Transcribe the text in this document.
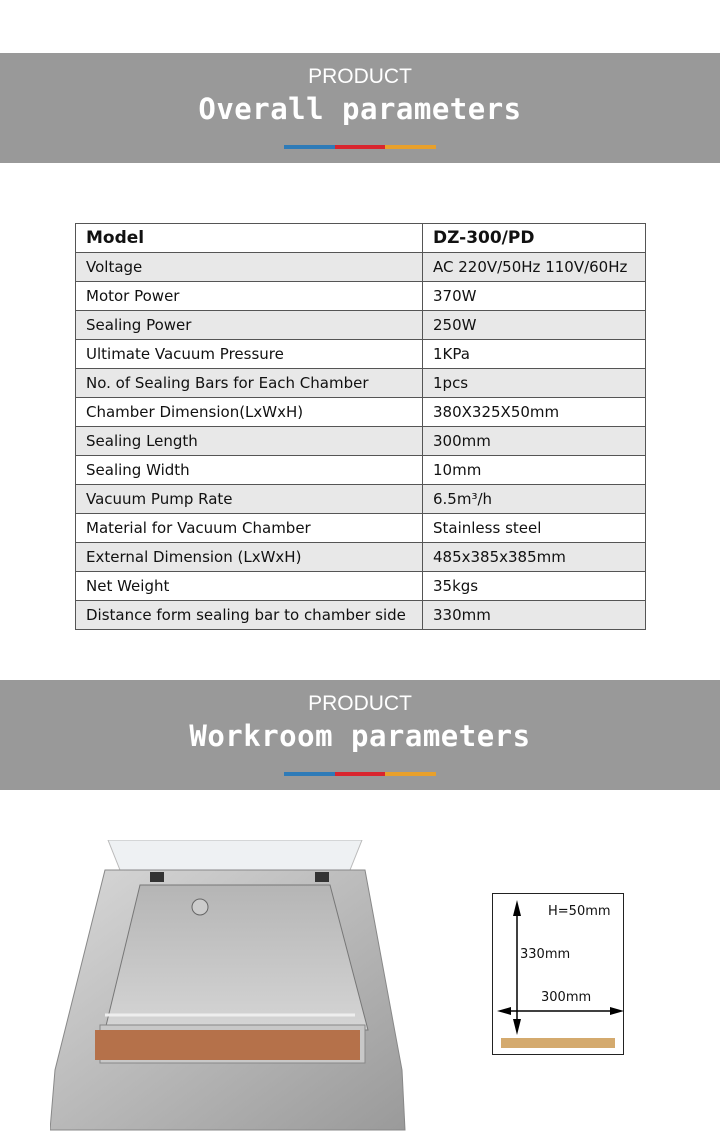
PRODUCT
Overall parameters
Model	DZ-300/PD
Voltage	AC 220V/50Hz 110V/60Hz
Motor Power	370W
Sealing Power	250W
Ultimate Vacuum Pressure	1KPa
No. of Sealing Bars for Each Chamber	1pcs
Chamber Dimension(LxWxH)	380X325X50mm
Sealing Length	300mm
Sealing Width	10mm
Vacuum Pump Rate	6.5m³/h
Material for Vacuum Chamber	Stainless steel
External Dimension (LxWxH)	485x385x385mm
Net Weight	35kgs
Distance form sealing bar to chamber side	330mm
PRODUCT
Workroom parameters
H=50mm
330mm
300mm
